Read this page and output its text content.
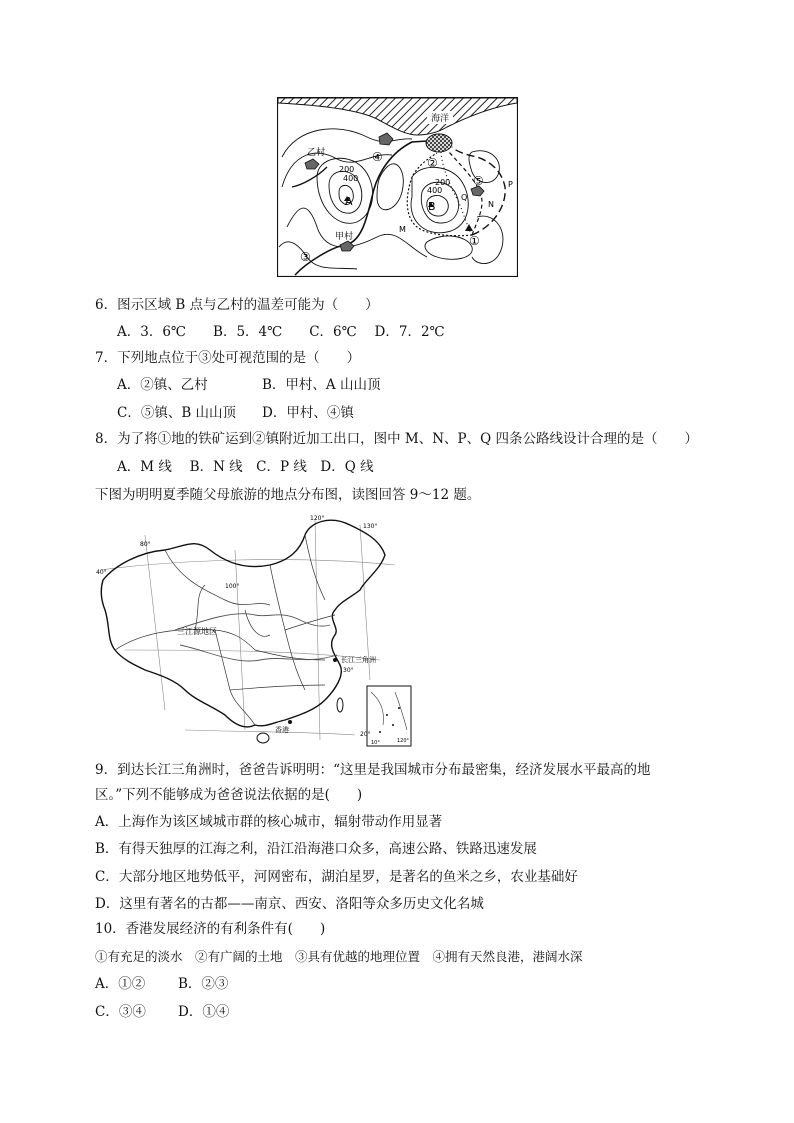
海洋
乙村
甲村
A	B
200
400	200
400
①
②
③
④
⑤
M
N
P
Q
6．图示区域 B 点与乙村的温差可能为（　　）
A．3．6℃　　B．5．4℃　　C．6℃　 D．7．2℃
7．下列地点位于③处可视范围的是（　　）
A．②镇、乙村	B．甲村、A 山山顶
C．⑤镇、B 山山顶 D．甲村、④镇
8．为了将①地的铁矿运到②镇附近加工出口，图中 M、N、P、Q 四条公路线设计合理的是（　　）
A．M 线　 B．N 线　C．P 线　D．Q 线
下图为明明夏季随父母旅游的地点分布图，读图回答 9～12 题。
三江源地区
长江三角洲
香港
120°
130°
80°
100°
40°
30°
20°
10°	120°
9．到达长江三角洲时，爸爸告诉明明：“这里是我国城市分布最密集，经济发展水平最高的地
区。”下列不能够成为爸爸说法依据的是(　　)
A．上海作为该区域城市群的核心城市，辐射带动作用显著
B．有得天独厚的江海之利，沿江沿海港口众多，高速公路、铁路迅速发展
C．大部分地区地势低平，河网密布，湖泊星罗，是著名的鱼米之乡，农业基础好
D．这里有著名的古都——南京、西安、洛阳等众多历史文化名城
10．香港发展经济的有利条件有(　　)
①有充足的淡水　②有广阔的土地　③具有优越的地理位置　④拥有天然良港，港阔水深
A．①② B．②③
C．③④ D．①④
